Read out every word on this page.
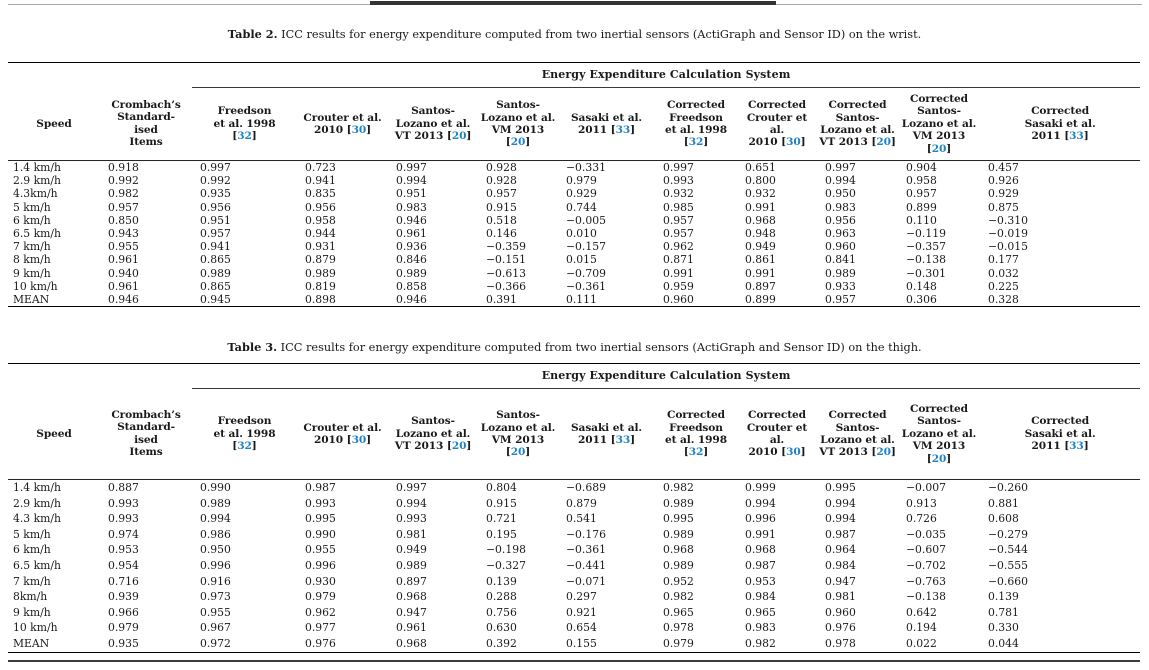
Table 2. ICC results for energy expenditure computed from two inertial sensors (ActiGraph and Sensor ID) on the wrist.
		Energy Expenditure Calculation System									

Speed

Crombach’s
Standard-
ised
Items

Freedson
et al. 1998
[32]

Crouter et al.
2010 [30]

Santos-
Lozano et al.
VT 2013 [20]

Santos-
Lozano et al.
VM 2013
[20]

Sasaki et al.
2011 [33]

Corrected
Freedson
et al. 1998
[32]

Corrected
Crouter et al.
2010 [30]

Corrected
Santos-
Lozano et al.
VT 2013 [20]

Corrected
Santos-
Lozano et al.
VM 2013
[20]

Corrected
Sasaki et al.
2011 [33]

1.4 km/h	0.918	0.997	0.723	0.997	0.928	−0.331	0.997	0.651	0.997	0.904	0.457
2.9 km/h	0.992	0.992	0.941	0.994	0.928	0.979	0.993	0.800	0.994	0.958	0.926
4.3km/h	0.982	0.935	0.835	0.951	0.957	0.929	0.932	0.932	0.950	0.957	0.929
5 km/h	0.957	0.956	0.956	0.983	0.915	0.744	0.985	0.991	0.983	0.899	0.875
6 km/h	0.850	0.951	0.958	0.946	0.518	−0.005	0.957	0.968	0.956	0.110	−0.310
6.5 km/h	0.943	0.957	0.944	0.961	0.146	0.010	0.957	0.948	0.963	−0.119	−0.019
7 km/h	0.955	0.941	0.931	0.936	−0.359	−0.157	0.962	0.949	0.960	−0.357	−0.015
8 km/h	0.961	0.865	0.879	0.846	−0.151	0.015	0.871	0.861	0.841	−0.138	0.177
9 km/h	0.940	0.989	0.989	0.989	−0.613	−0.709	0.991	0.991	0.989	−0.301	0.032
10 km/h	0.961	0.865	0.819	0.858	−0.366	−0.361	0.959	0.897	0.933	0.148	0.225
MEAN	0.946	0.945	0.898	0.946	0.391	0.111	0.960	0.899	0.957	0.306	0.328
Table 3. ICC results for energy expenditure computed from two inertial sensors (ActiGraph and Sensor ID) on the thigh.
		Energy Expenditure Calculation System									

Speed

Crombach’s
Standard-
ised
Items

Freedson
et al. 1998
[32]

Crouter et al.
2010 [30]

Santos-
Lozano et al.
VT 2013 [20]

Santos-
Lozano et al.
VM 2013
[20]

Sasaki et al.
2011 [33]

Corrected
Freedson
et al. 1998
[32]

Corrected
Crouter et al.
2010 [30]

Corrected
Santos-
Lozano et al.
VT 2013 [20]

Corrected
Santos-
Lozano et al.
VM 2013
[20]

Corrected
Sasaki et al.
2011 [33]

1.4 km/h	0.887	0.990	0.987	0.997	0.804	−0.689	0.982	0.999	0.995	−0.007	−0.260
2.9 km/h	0.993	0.989	0.993	0.994	0.915	0.879	0.989	0.994	0.994	0.913	0.881
4.3 km/h	0.993	0.994	0.995	0.993	0.721	0.541	0.995	0.996	0.994	0.726	0.608
5 km/h	0.974	0.986	0.990	0.981	0.195	−0.176	0.989	0.991	0.987	−0.035	−0.279
6 km/h	0.953	0.950	0.955	0.949	−0.198	−0.361	0.968	0.968	0.964	−0.607	−0.544
6.5 km/h	0.954	0.996	0.996	0.989	−0.327	−0.441	0.989	0.987	0.984	−0.702	−0.555
7 km/h	0.716	0.916	0.930	0.897	0.139	−0.071	0.952	0.953	0.947	−0.763	−0.660
8km/h	0.939	0.973	0.979	0.968	0.288	0.297	0.982	0.984	0.981	−0.138	0.139
9 km/h	0.966	0.955	0.962	0.947	0.756	0.921	0.965	0.965	0.960	0.642	0.781
10 km/h	0.979	0.967	0.977	0.961	0.630	0.654	0.978	0.983	0.976	0.194	0.330
MEAN	0.935	0.972	0.976	0.968	0.392	0.155	0.979	0.982	0.978	0.022	0.044
